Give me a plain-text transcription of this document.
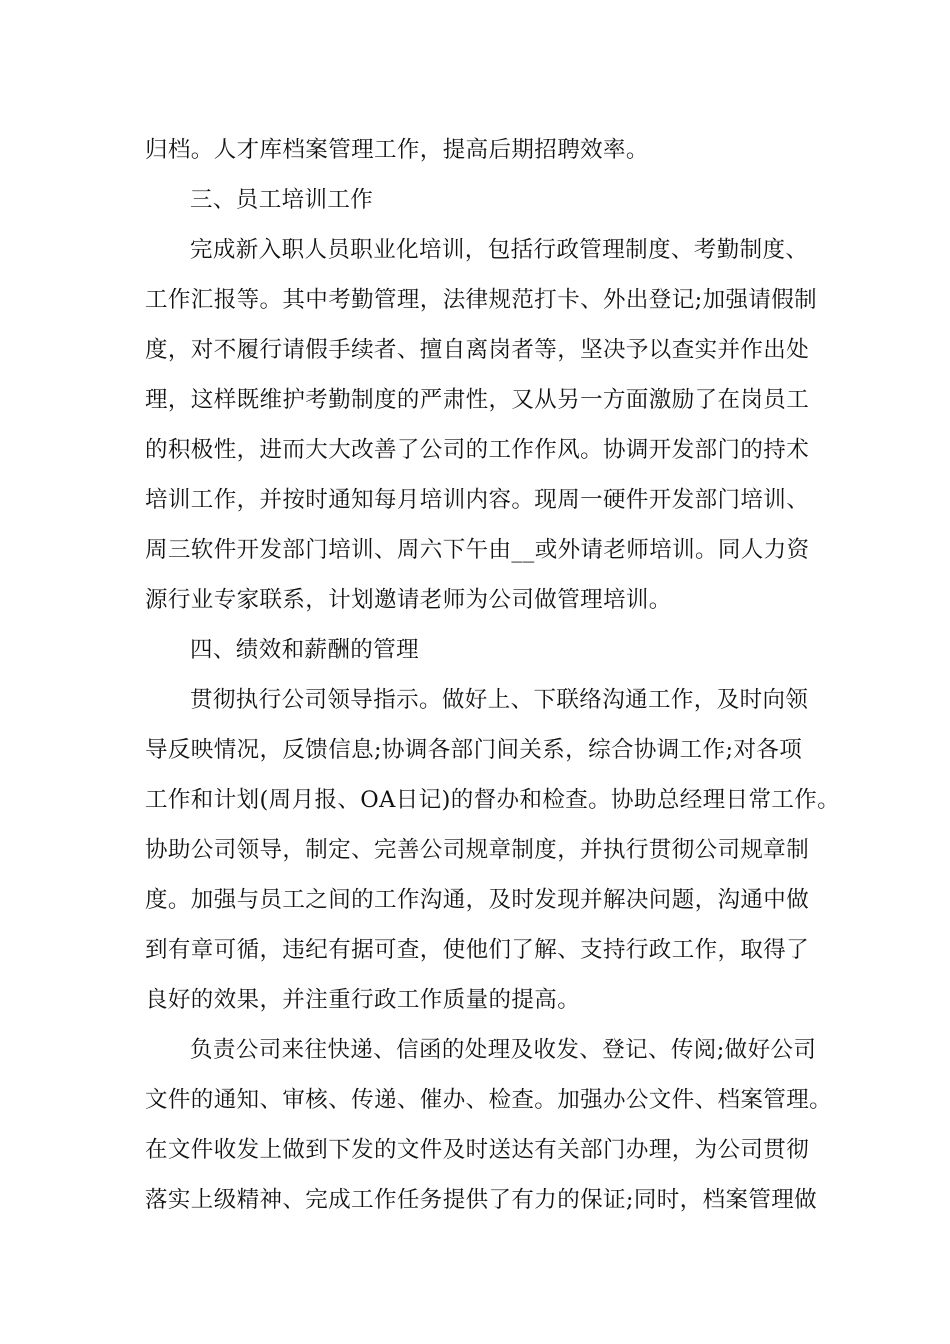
归档。人才库档案管理工作，提高后期招聘效率。
三、员工培训工作
完成新入职人员职业化培训，包括行政管理制度、考勤制度、
工作汇报等。其中考勤管理，法律规范打卡、外出登记;加强请假制
度，对不履行请假手续者、擅自离岗者等，坚决予以查实并作出处
理，这样既维护考勤制度的严肃性，又从另一方面激励了在岗员工
的积极性，进而大大改善了公司的工作作风。协调开发部门的持术
培训工作，并按时通知每月培训内容。现周一硬件开发部门培训、
周三软件开发部门培训、周六下午由__或外请老师培训。同人力资
源行业专家联系，计划邀请老师为公司做管理培训。
四、绩效和薪酬的管理
贯彻执行公司领导指示。做好上、下联络沟通工作，及时向领
导反映情况，反馈信息;协调各部门间关系，综合协调工作;对各项
工作和计划(周月报、OA日记)的督办和检查。协助总经理日常工作。
协助公司领导，制定、完善公司规章制度，并执行贯彻公司规章制
度。加强与员工之间的工作沟通，及时发现并解决问题，沟通中做
到有章可循，违纪有据可查，使他们了解、支持行政工作，取得了
良好的效果，并注重行政工作质量的提高。
负责公司来往快递、信函的处理及收发、登记、传阅;做好公司
文件的通知、审核、传递、催办、检查。加强办公文件、档案管理。
在文件收发上做到下发的文件及时送达有关部门办理，为公司贯彻
落实上级精神、完成工作任务提供了有力的保证;同时，档案管理做
